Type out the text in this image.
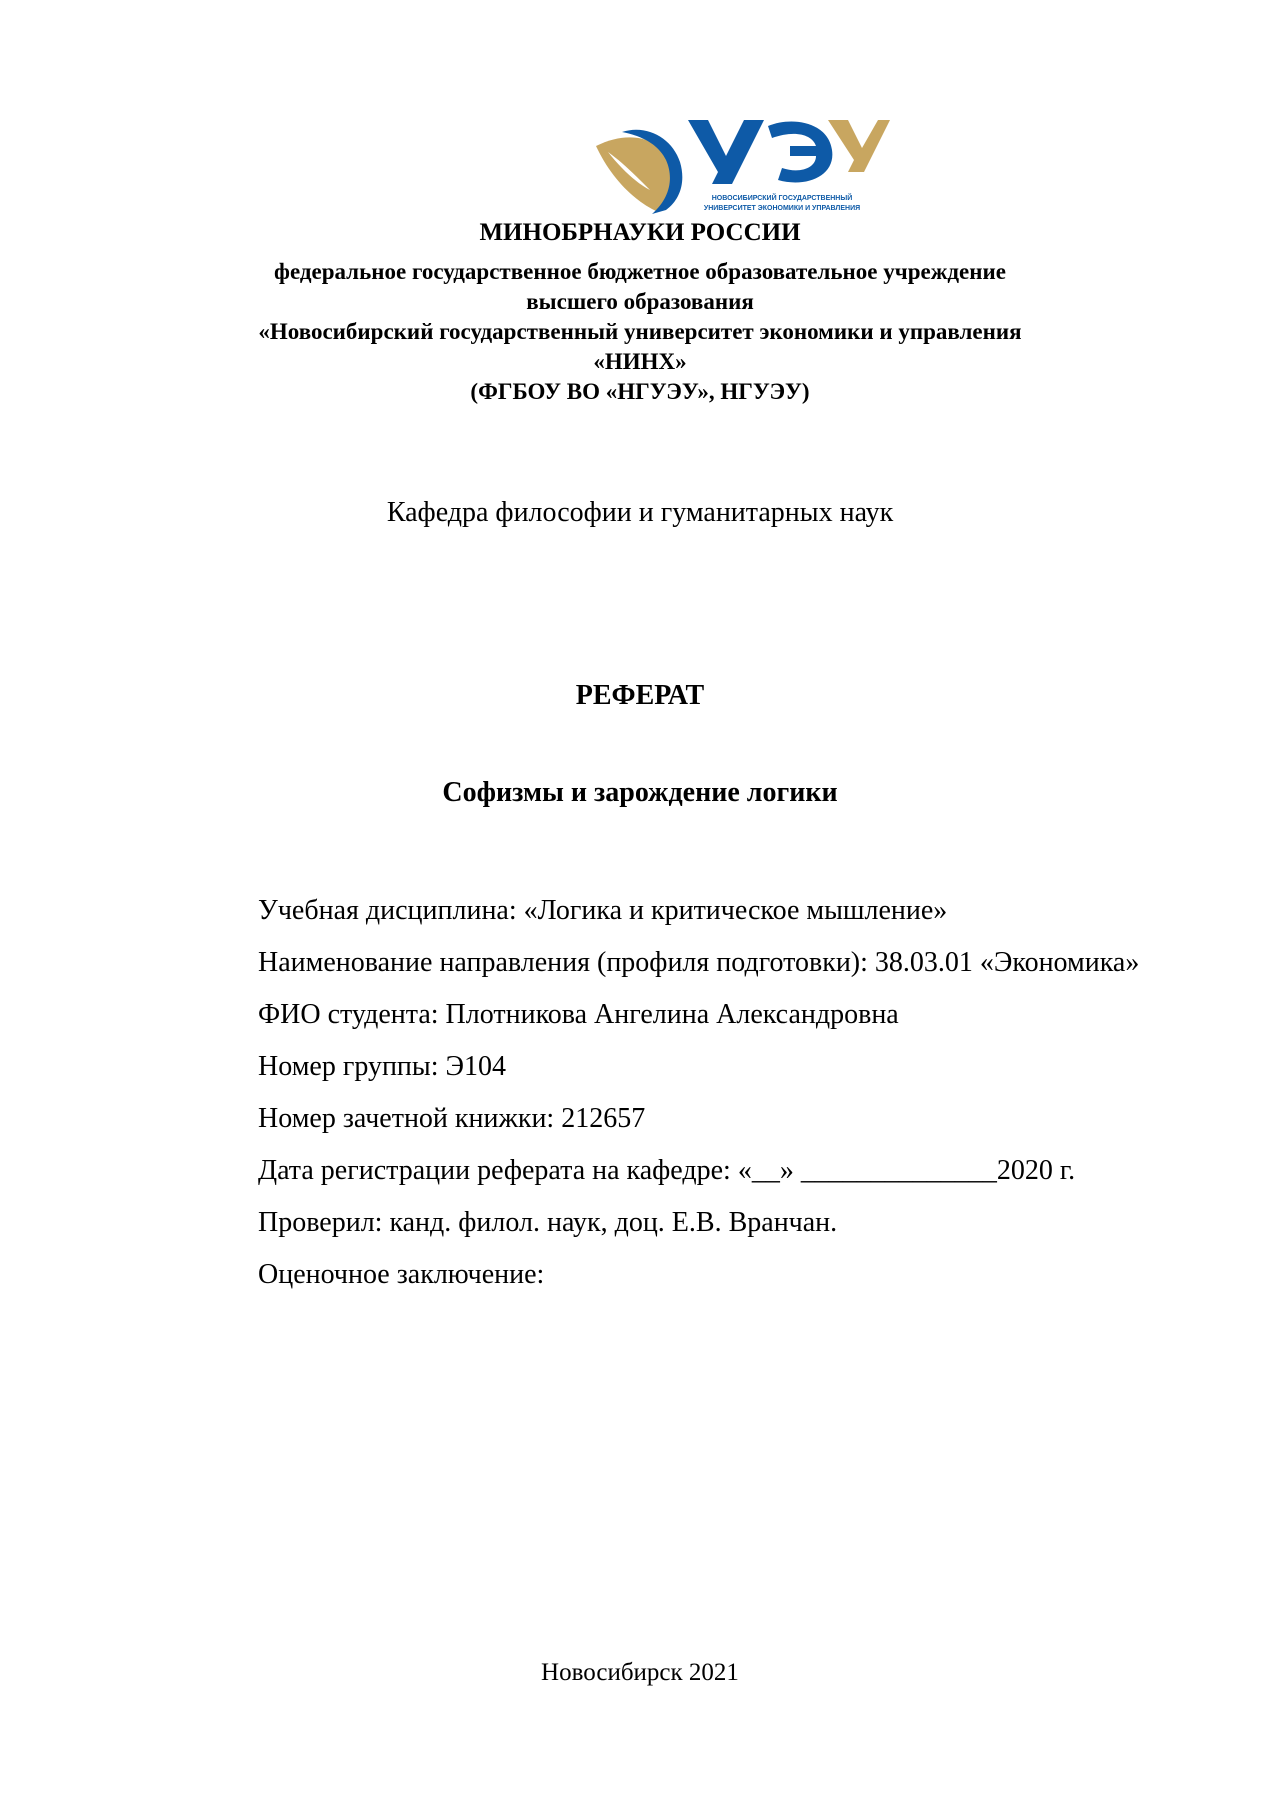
НОВОСИБИРСКИЙ ГОСУДАРСТВЕННЫЙ
УНИВЕРСИТЕТ ЭКОНОМИКИ И УПРАВЛЕНИЯ
МИНОБРНАУКИ РОССИИ
федеральное государственное бюджетное образовательное учреждение
высшего образования
«Новосибирский государственный университет экономики и управления
«НИНХ»
(ФГБОУ ВО «НГУЭУ», НГУЭУ)
Кафедра философии и гуманитарных наук
РЕФЕРАТ
Софизмы и зарождение логики
Учебная дисциплина: «Логика и критическое мышление»
Наименование направления (профиля подготовки): 38.03.01 «Экономика»
ФИО студента: Плотникова Ангелина Александровна
Номер группы: Э104
Номер зачетной книжки: 212657
Дата регистрации реферата на кафедре: «__» ______________2020 г.
Проверил: канд. филол. наук, доц. Е.В. Вранчан.
Оценочное заключение:
Новосибирск 2021
